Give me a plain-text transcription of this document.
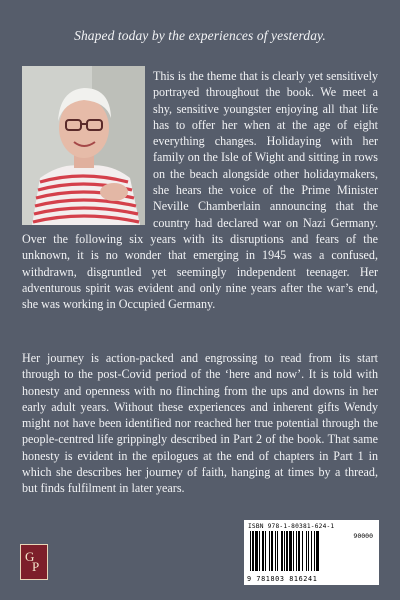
Shaped today by the experiences of yesterday.
This is the theme that is clearly yet sensitively portrayed throughout the book. We meet a shy, sensitive youngster enjoying all that life has to offer her when at the age of eight everything changes. Holidaying with her family on the Isle of Wight and sitting in rows on the beach alongside other holidaymakers, she hears the voice of the Prime Minister Neville Chamberlain announcing that the country had declared war on Nazi Germany. Over the following six years with its disruptions and fears of the unknown, it is no wonder that emerging in 1945 was a confused, withdrawn, disgruntled yet seemingly independent teenager. Her adventurous spirit was evident and only nine years after the war’s end, she was working in Occupied Germany.
Her journey is action-packed and engrossing to read from its start through to the post-Covid period of the ‘here and now’. It is told with honesty and openness with no flinching from the ups and downs in her early adult years. Without these experiences and inherent gifts Wendy might not have been identified nor reached her true potential through the people-centred life grippingly described in Part 2 of the book. That same honesty is evident in the epilogues at the end of chapters in Part 1 in which she describes her journey of faith, hanging at times by a thread, but finds fulfilment in later years.
G
P
ISBN 978-1-80381-624-1
90000
9 781803 816241
